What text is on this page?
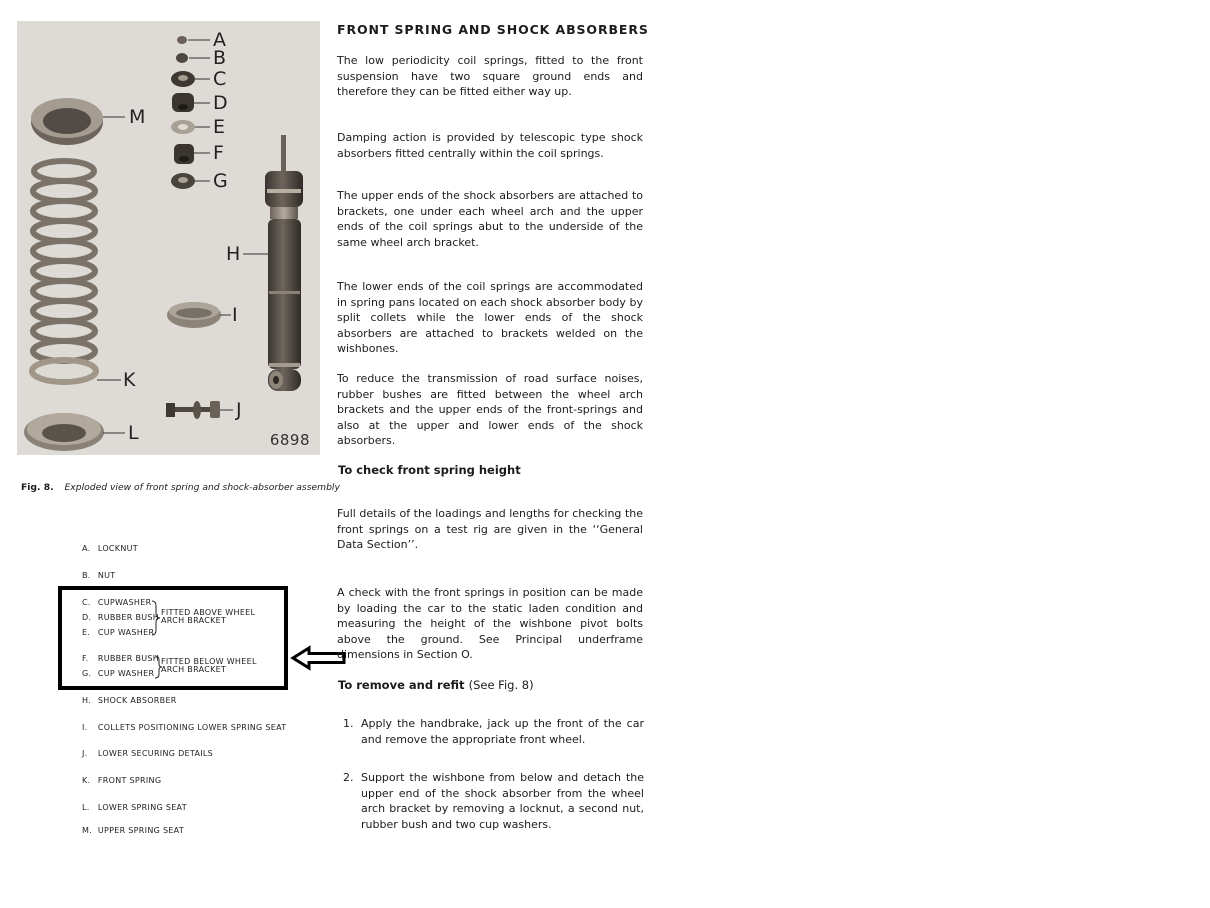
A
B
C
D
E
F
G
H
I
J
K
L
M
6898
Fig. 8. Exploded view of front spring and shock-absorber assembly
A. LOCKNUT
B. NUT
C. CUPWASHER
D. RUBBER BUSH
E. CUP WASHER
F. RUBBER BUSH
G. CUP WASHER
H. SHOCK ABSORBER
I. COLLETS POSITIONING LOWER SPRING SEAT
J. LOWER SECURING DETAILS
K. FRONT SPRING
L. LOWER SPRING SEAT
M. UPPER SPRING SEAT
FITTED ABOVE WHEEL
ARCH BRACKET
FITTED BELOW WHEEL
ARCH BRACKET
FRONT SPRING AND SHOCK ABSORBERS
The low periodicity coil springs, fitted to the front suspension have two square ground ends and therefore they can be fitted either way up.
Damping action is provided by telescopic type shock absorbers fitted centrally within the coil springs.
The upper ends of the shock absorbers are attached to brackets, one under each wheel arch and the upper ends of the coil springs abut to the underside of the same wheel arch bracket.
The lower ends of the coil springs are accommodated in spring pans located on each shock absorber body by split collets while the lower ends of the shock absorbers are attached to brackets welded on the wishbones.
To reduce the transmission of road surface noises, rubber bushes are fitted between the wheel arch brackets and the upper ends of the front-springs and also at the upper and lower ends of the shock absorbers.
To check front spring height
Full details of the loadings and lengths for checking the front springs on a test rig are given in the ‘‘General Data Section’’.
A check with the front springs in position can be made by loading the car to the static laden condition and measuring the height of the wishbone pivot bolts above the ground. See Principal underframe dimensions in Section O.
To remove and refit (See Fig. 8)
1. Apply the handbrake, jack up the front of the car and remove the appropriate front wheel.
2. Support the wishbone from below and detach the upper end of the shock absorber from the wheel arch bracket by removing a locknut, a second nut, rubber bush and two cup washers.
